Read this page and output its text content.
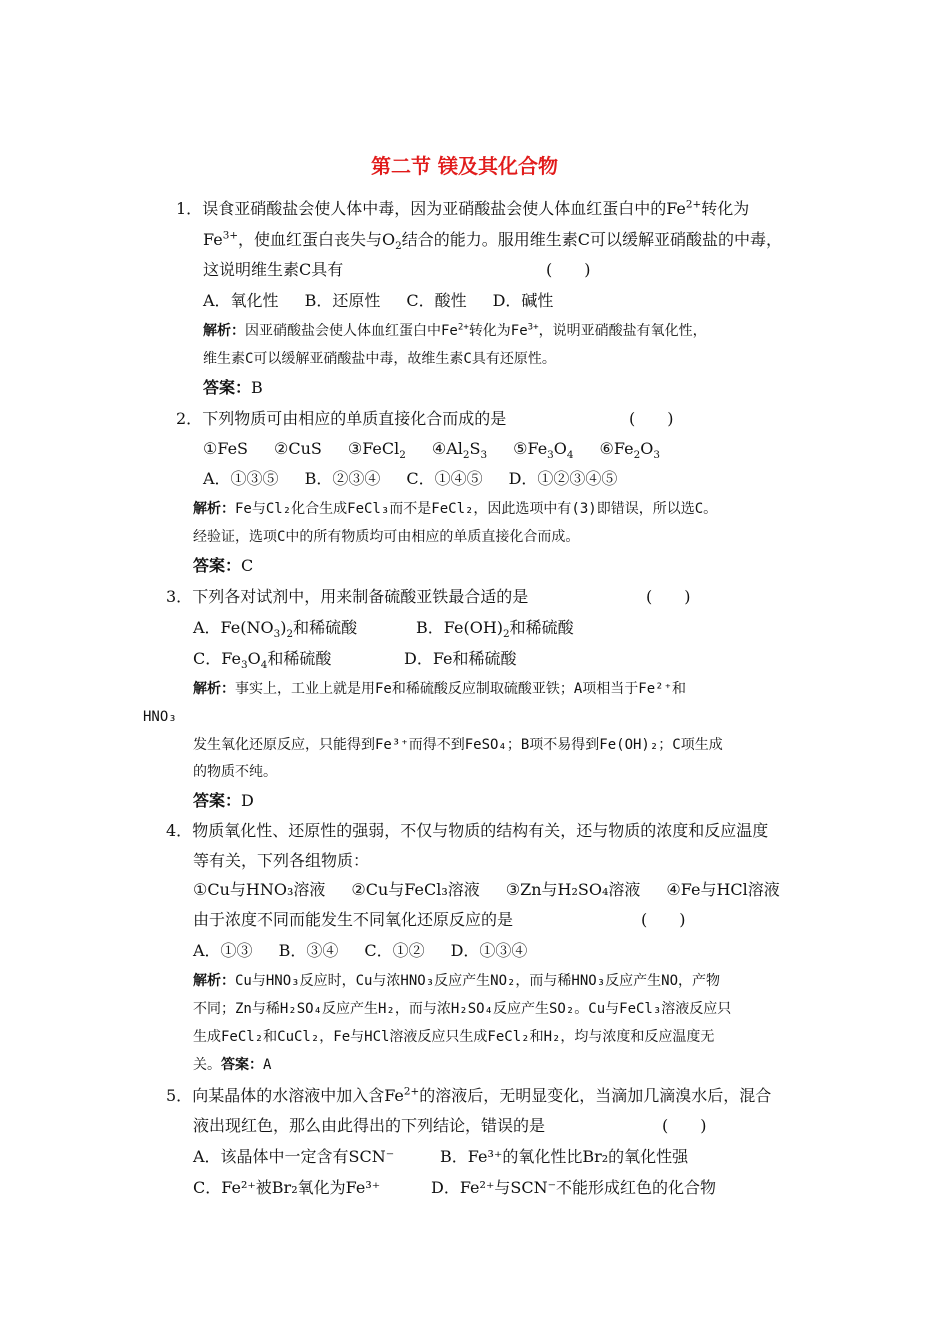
第二节 镁及其化合物
1．误食亚硝酸盐会使人体中毒，因为亚硝酸盐会使人体血红蛋白中的$Fe^{2+}$转化为
$Fe^{3+}$，使血红蛋白丧失与$O_2$结合的能力。服用维生素C可以缓解亚硝酸盐的中毒，
这说明维生素C具有	(　　)
A．氧化性 B．还原性 C．酸性 D．碱性
解析：因亚硝酸盐会使人体血红蛋白中$Fe^{2+}$转化为$Fe^{3+}$，说明亚硝酸盐有氧化性，
维生素C可以缓解亚硝酸盐中毒，故维生素C具有还原性。
答案：B
2．下列物质可由相应的单质直接化合而成的是	(　　)
①FeS ②CuS ③FeCl$_2$ $④Al_2S_3$ $⑤Fe_3O_4$ $⑥Fe_2O_3$
A．①③⑤ B．②③④ C．①④⑤ D．①②③④⑤
解析：Fe与Cl₂化合生成FeCl₃而不是FeCl₂，因此选项中有(3)即错误，所以选C。
经验证，选项C中的所有物质均可由相应的单质直接化合而成。
答案：C
3．下列各对试剂中，用来制备硫酸亚铁最合适的是	(　　)
A．$Fe(NO_3)_2$和稀硫酸	B．$Fe(OH)_2$和稀硫酸
C．$Fe_3O_4$和稀硫酸	D．Fe和稀硫酸
解析：事实上，工业上就是用Fe和稀硫酸反应制取硫酸亚铁；A项相当于Fe²⁺和
HNO₃
发生氧化还原反应，只能得到Fe³⁺而得不到FeSO₄；B项不易得到Fe(OH)₂；C项生成
的物质不纯。
答案：D
4．物质氧化性、还原性的强弱，不仅与物质的结构有关，还与物质的浓度和反应温度
等有关，下列各组物质：
①Cu与HNO₃溶液 ②Cu与FeCl₃溶液 ③Zn与H₂SO₄溶液 ④Fe与HCl溶液
由于浓度不同而能发生不同氧化还原反应的是	(　　)
A．①③ B．③④ C．①② D．①③④
解析：Cu与HNO₃反应时，Cu与浓HNO₃反应产生NO₂，而与稀HNO₃反应产生NO，产物
不同；Zn与稀H₂SO₄反应产生H₂，而与浓H₂SO₄反应产生SO₂。Cu与FeCl₃溶液反应只
生成FeCl₂和CuCl₂，Fe与HCl溶液反应只生成FeCl₂和H₂，均与浓度和反应温度无
关。答案：A
5．向某晶体的水溶液中加入含$Fe^{2+}$的溶液后，无明显变化，当滴加几滴溴水后，混合
液出现红色，那么由此得出的下列结论，错误的是	(　　)
A．该晶体中一定含有SCN⁻	B．Fe³⁺的氧化性比Br₂的氧化性强
C．Fe²⁺被Br₂氧化为Fe³⁺	D．Fe²⁺与SCN⁻不能形成红色的化合物
